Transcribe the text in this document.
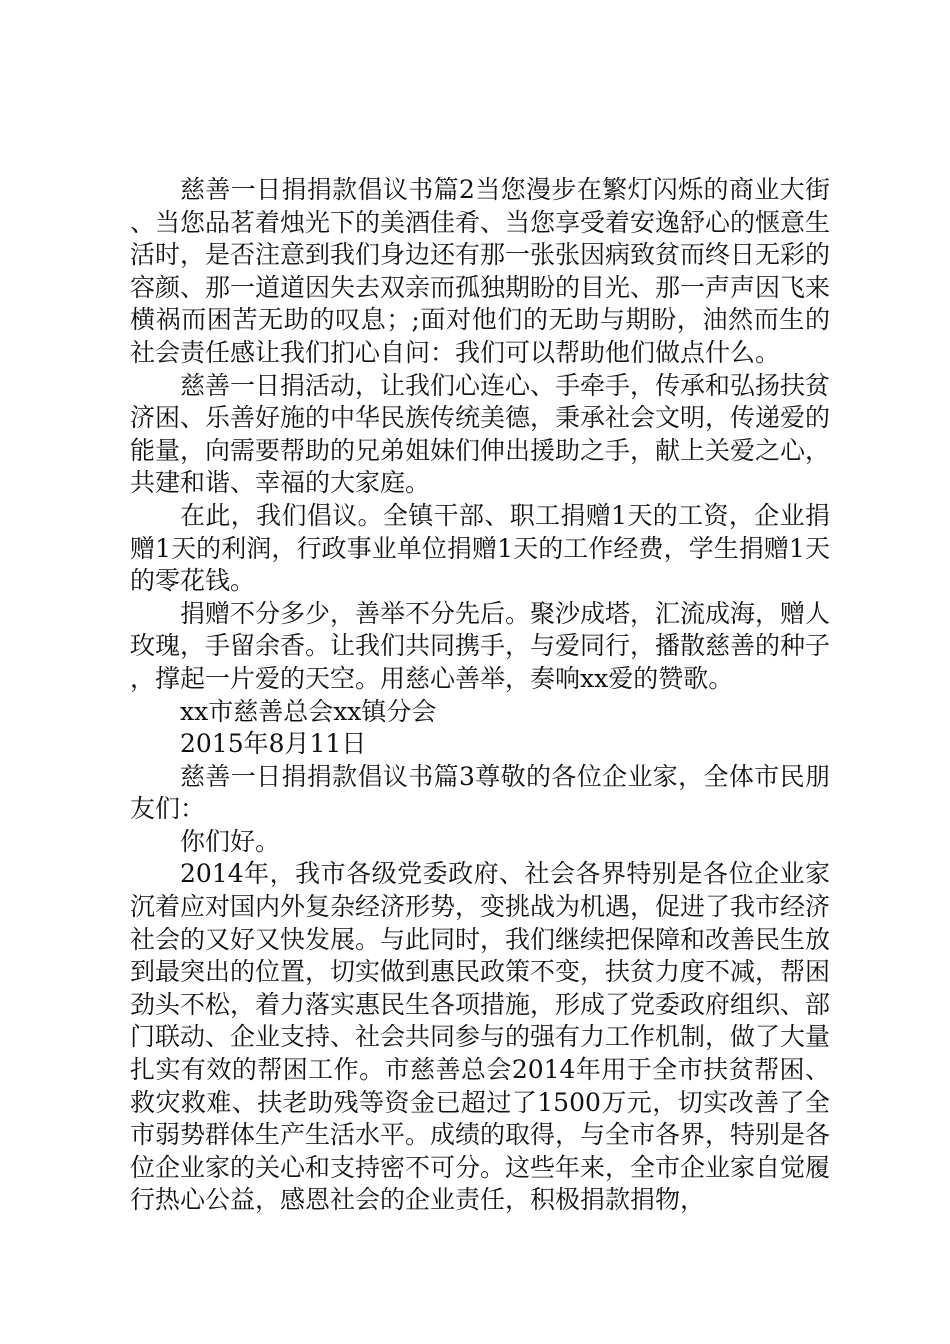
慈善一日捐捐款倡议书篇2当您漫步在繁灯闪烁的商业大街、当您品茗着烛光下的美酒佳肴、当您享受着安逸舒心的惬意生活时，是否注意到我们身边还有那一张张因病致贫而终日无彩的容颜、那一道道因失去双亲而孤独期盼的目光、那一声声因飞来横祸而困苦无助的叹息；;面对他们的无助与期盼，油然而生的社会责任感让我们扪心自问：我们可以帮助他们做点什么。

慈善一日捐活动，让我们心连心、手牵手，传承和弘扬扶贫济困、乐善好施的中华民族传统美德，秉承社会文明，传递爱的能量，向需要帮助的兄弟姐妹们伸出援助之手，献上关爱之心，共建和谐、幸福的大家庭。

在此，我们倡议。全镇干部、职工捐赠1天的工资，企业捐赠1天的利润，行政事业单位捐赠1天的工作经费，学生捐赠1天的零花钱。

捐赠不分多少，善举不分先后。聚沙成塔，汇流成海，赠人玫瑰，手留余香。让我们共同携手，与爱同行，播散慈善的种子，撑起一片爱的天空。用慈心善举，奏响xx爱的赞歌。

xx市慈善总会xx镇分会

2015年8月11日

慈善一日捐捐款倡议书篇3尊敬的各位企业家，全体市民朋友们：

你们好。

2014年，我市各级党委政府、社会各界特别是各位企业家沉着应对国内外复杂经济形势，变挑战为机遇，促进了我市经济社会的又好又快发展。与此同时，我们继续把保障和改善民生放到最突出的位置，切实做到惠民政策不变，扶贫力度不减，帮困劲头不松，着力落实惠民生各项措施，形成了党委政府组织、部门联动、企业支持、社会共同参与的强有力工作机制，做了大量扎实有效的帮困工作。市慈善总会2014年用于全市扶贫帮困、救灾救难、扶老助残等资金已超过了1500万元，切实改善了全市弱势群体生产生活水平。成绩的取得，与全市各界，特别是各位企业家的关心和支持密不可分。这些年来，全市企业家自觉履行热心公益，感恩社会的企业责任，积极捐款捐物，
